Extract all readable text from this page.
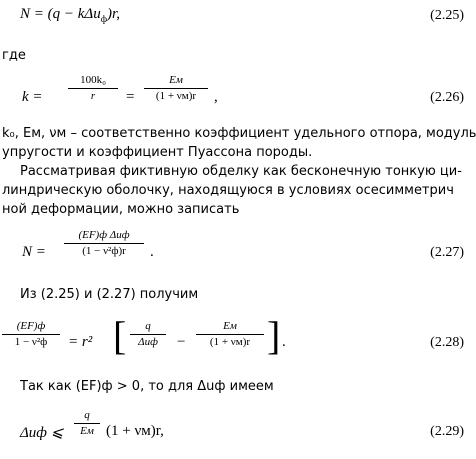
N = (q − kΔu$_ф$)r,	(2.25)
где
k =
100k₀
r	=
Eм
(1 + νм)r	,	(2.26)
k₀, Eм, νм – соответственно коэффициент удельного отпора, модуль
упругости и коэффициент Пуассона породы.
Рассматривая фиктивную обделку как бесконечную тонкую ци-
линдрическую оболочку, находящуюся в условиях осесимметрич
ной деформации, можно записать
N =
(EF)ф Δuф
(1 − ν²ф)r	.	(2.27)
Из (2.25) и (2.27) получим
(EF)ф
1 − ν²ф	= r² [	q
Δuф	−
Eм
(1 + νм)r ] .	(2.28)
Так как (EF)ф > 0, то для Δuф имеем
Δuф ⩽
q
Eм (1 + νм)r,	(2.29)
